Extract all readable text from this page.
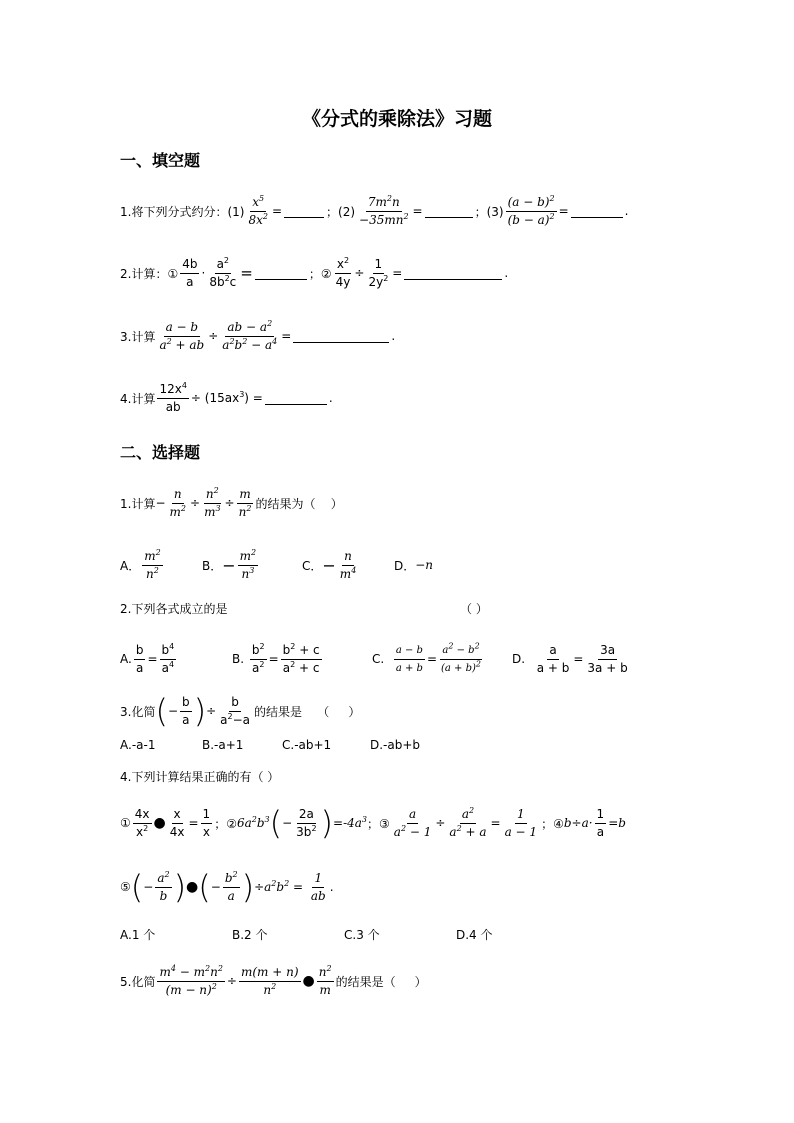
《分式的乘除法》习题
一、填空题
1.将下列分式约分：$(1) \frac{x^5}{8x^2}$ =	；$(2) \frac{7m^2n}{-35mn^2}$ =	；$(3) \frac{(a - b)^2}{(b - a)^2}$ =	.
2.计算：① $\frac{4b}{a} \cdot \frac{a^2}{8b^2c}$ =	；② $\frac{x^2}{4y} \div \frac{1}{2y^2}$ =	.
3.计算 $\frac{a - b}{a^2 + ab} \div \frac{ab - a^2}{a^2b^2 - a^4}$ =	.
4.计算 $\frac{12x^4}{ab} \div (15ax^3)$ =	.
二、选择题
1.计算 − $\frac{n}{m^2} \div \frac{n^2}{m^3} \div \frac{m}{n^2}$ 的结果为（    ）
A． $\frac{m^2}{n^2}$	B． − $\frac{m^2}{n^3}$	C． − $\frac{n}{m^4}$	D． −n
2.下列各式成立的是	（ ）
A. $\frac{b}{a} = \frac{b^4}{a^4}$	B.
$\frac{b^2}{a^2} = \frac{b^2 + c}{a^2 + c}$	C.
$\frac{a - b}{a + b} = \frac{a^2 - b^2}{(a + b)^2} D$.
$\frac{a}{a + b} = \frac{3a}{3a + b}$
3.化简 ( − $\frac{b}{a}$ ) ÷ $\frac{b}{a^2-a}$ 的结果是    （     ）
A.-a-1	B.-a+1	C.-ab+1	D.-ab+b
4.下列计算结果正确的有（ ）
① $\frac{4x}{x^2}$ ● $\frac{x}{4x} = \frac{1}{x}$ ；② $6a^2b^3$ ( − $\frac{2a}{3b^2}$ ) = $-4a^3$ ；③ $\frac{a}{a^2 - 1} \div \frac{a^2}{a^2 + a} = \frac{1}{a - 1}$ ；④ $b\div a\cdot \frac{1}{a} =b$
⑤ ( − $\frac{a^2}{b}$ ) ● ( − $\frac{b^2}{a}$ ) ÷ $a^2b^2 = \frac{1}{ab}$ .
A.1 个	B.2 个	C.3 个	D.4 个
5.化简 $\frac{m^4 - m^2n^2}{(m - n)^2} \div \frac{m(m + n)}{n^2}$ ● $\frac{n^2}{m}$ 的结果是（     ）
